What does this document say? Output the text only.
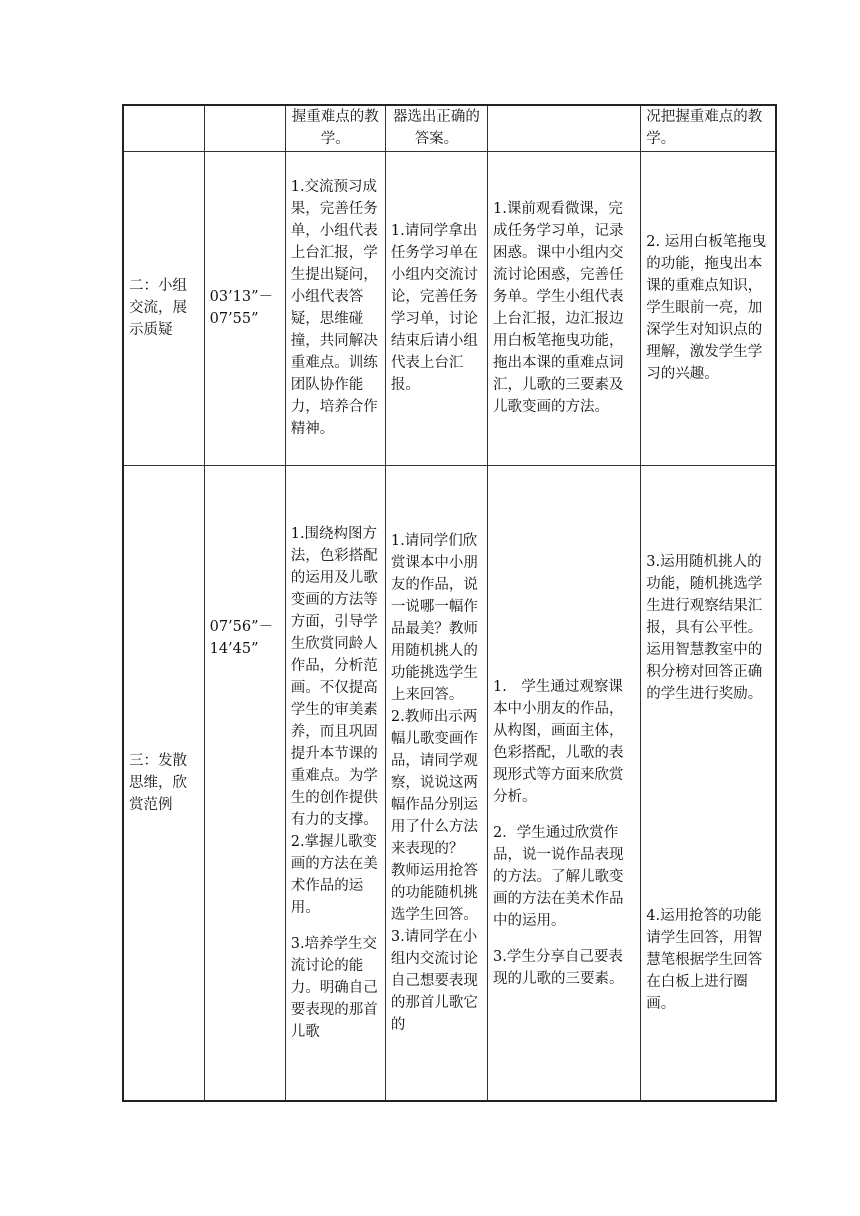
		握重难点的教学。	器选出正确的答案。		况把握重难点的教学。

二：小组交流，展示质疑	03’13”－07’55”	1.交流预习成果，完善任务单，小组代表上台汇报，学生提出疑问，小组代表答疑，思维碰撞，共同解决重难点。训练团队协作能力，培养合作精神。	1.请同学拿出任务学习单在小组内交流讨论，完善任务学习单，讨论结束后请小组代表上台汇报。	1.课前观看微课，完成任务学习单，记录困惑。课中小组内交流讨论困惑，完善任务单。学生小组代表上台汇报，边汇报边用白板笔拖曳功能，拖出本课的重难点词汇，儿歌的三要素及儿歌变画的方法。	2. 运用白板笔拖曳的功能，拖曳出本课的重难点知识，学生眼前一亮，加深学生对知识点的理解，激发学生学习的兴趣。

三：发散思维，欣赏范例	07’56”－14’45”	1.围绕构图方法，色彩搭配的运用及儿歌变画的方法等方面，引导学生欣赏同龄人作品，分析范画。不仅提高学生的审美素养，而且巩固提升本节课的重难点。为学生的创作提供有力的支撑。
2.掌握儿歌变画的方法在美术作品的运用。
3.培养学生交流讨论的能力。明确自己要表现的那首儿歌	1.请同学们欣赏课本中小朋友的作品，说一说哪一幅作品最美？教师用随机挑人的功能挑选学生上来回答。
2.教师出示两幅儿歌变画作品，请同学观察，说说这两幅作品分别运用了什么方法来表现的？ 教师运用抢答的功能随机挑选学生回答。
3.请同学在小组内交流讨论自己想要表现的那首儿歌它的	1.　学生通过观察课本中小朋友的作品，从构图，画面主体，色彩搭配，儿歌的表现形式等方面来欣赏分析。
2．学生通过欣赏作品，说一说作品表现的方法。了解儿歌变画的方法在美术作品中的运用。
3.学生分享自己要表现的儿歌的三要素。	3.运用随机挑人的功能，随机挑选学生进行观察结果汇报，具有公平性。运用智慧教室中的积分榜对回答正确的学生进行奖励。
4.运用抢答的功能请学生回答，用智慧笔根据学生回答在白板上进行圈画。
